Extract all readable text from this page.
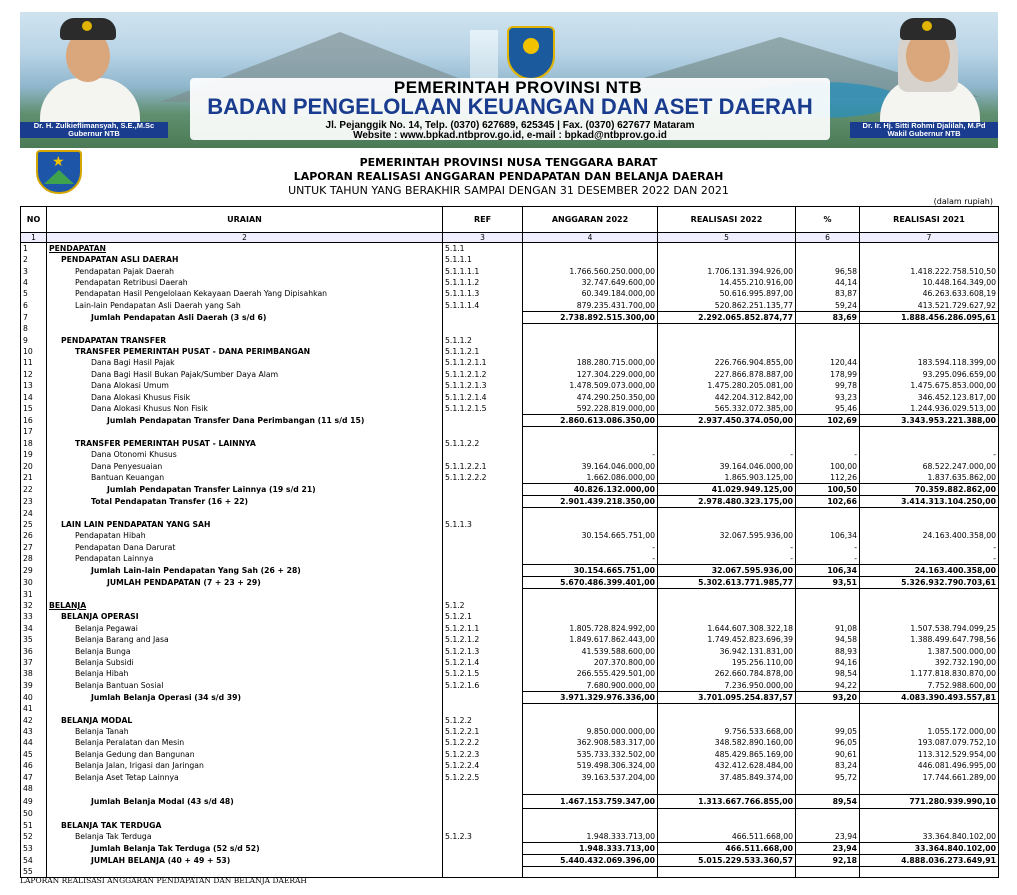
PEMERINTAH PROVINSI NTB
BADAN PENGELOLAAN KEUANGAN DAN ASET DAERAH
Jl. Pejanggik No. 14, Telp. (0370) 627689, 625345 | Fax. (0370) 627677 Mataram
Website : www.bpkad.ntbprov.go.id, e-mail : bpkad@ntbprov.go.id
Dr. H. Zulkieflimansyah, S.E.,M.Sc
Gubernur NTB
Dr. Ir. Hj. Sitti Rohmi Djalilah, M.Pd
Wakil Gubernur NTB
★	PEMERINTAH PROVINSI NUSA TENGGARA BARAT
LAPORAN REALISASI ANGGARAN PENDAPATAN DAN BELANJA DAERAH
UNTUK TAHUN YANG BERAKHIR SAMPAI DENGAN 31 DESEMBER 2022 DAN 2021
(dalam rupiah)
NO	URAIAN	REF	ANGGARAN 2022	REALISASI 2022	%	REALISASI 2021
1	2	3	4	5	6	7
1	PENDAPATAN	5.1.1				
2	PENDAPATAN ASLI DAERAH	5.1.1.1				
3	Pendapatan Pajak Daerah	5.1.1.1.1	1.766.560.250.000,00	1.706.131.394.926,00	96,58	1.418.222.758.510,50
4	Pendapatan Retribusi Daerah	5.1.1.1.2	32.747.649.600,00	14.455.210.916,00	44,14	10.448.164.349,00
5	Pendapatan Hasil Pengelolaan Kekayaan Daerah Yang Dipisahkan	5.1.1.1.3	60.349.184.000,00	50.616.995.897,00	83,87	46.263.633.608,19
6	Lain-lain Pendapatan Asli Daerah yang Sah	5.1.1.1.4	879.235.431.700,00	520.862.251.135,77	59,24	413.521.729.627,92
7	Jumlah Pendapatan Asli Daerah (3 s/d 6)		2.738.892.515.300,00	2.292.065.852.874,77	83,69	1.888.456.286.095,61
8						
9	PENDAPATAN TRANSFER	5.1.1.2				
10	TRANSFER PEMERINTAH PUSAT - DANA PERIMBANGAN	5.1.1.2.1				
11	Dana Bagi Hasil Pajak	5.1.1.2.1.1	188.280.715.000,00	226.766.904.855,00	120,44	183.594.118.399,00
12	Dana Bagi Hasil Bukan Pajak/Sumber Daya Alam	5.1.1.2.1.2	127.304.229.000,00	227.866.878.887,00	178,99	93.295.096.659,00
13	Dana Alokasi Umum	5.1.1.2.1.3	1.478.509.073.000,00	1.475.280.205.081,00	99,78	1.475.675.853.000,00
14	Dana Alokasi Khusus Fisik	5.1.1.2.1.4	474.290.250.350,00	442.204.312.842,00	93,23	346.452.123.817,00
15	Dana Alokasi Khusus Non Fisik	5.1.1.2.1.5	592.228.819.000,00	565.332.072.385,00	95,46	1.244.936.029.513,00
16	Jumlah Pendapatan Transfer Dana Perimbangan (11 s/d 15)		2.860.613.086.350,00	2.937.450.374.050,00	102,69	3.343.953.221.388,00
17						
18	TRANSFER PEMERINTAH PUSAT - LAINNYA	5.1.1.2.2				
19	Dana Otonomi Khusus		-	-	-	-
20	Dana Penyesuaian	5.1.1.2.2.1	39.164.046.000,00	39.164.046.000,00	100,00	68.522.247.000,00
21	Bantuan Keuangan	5.1.1.2.2.2	1.662.086.000,00	1.865.903.125,00	112,26	1.837.635.862,00
22	Jumlah Pendapatan Transfer Lainnya (19 s/d 21)		40.826.132.000,00	41.029.949.125,00	100,50	70.359.882.862,00
23	Total Pendapatan Transfer (16 + 22)		2.901.439.218.350,00	2.978.480.323.175,00	102,66	3.414.313.104.250,00
24						
25	LAIN LAIN PENDAPATAN YANG SAH	5.1.1.3				
26	Pendapatan Hibah		30.154.665.751,00	32.067.595.936,00	106,34	24.163.400.358,00
27	Pendapatan Dana Darurat		-	-	-	-
28	Pendapatan Lainnya		-	-	-	-
29	Jumlah Lain-lain Pendapatan Yang Sah (26 + 28)		30.154.665.751,00	32.067.595.936,00	106,34	24.163.400.358,00
30	JUMLAH PENDAPATAN (7 + 23 + 29)		5.670.486.399.401,00	5.302.613.771.985,77	93,51	5.326.932.790.703,61
31						
32	BELANJA	5.1.2				
33	BELANJA OPERASI	5.1.2.1				
34	Belanja Pegawai	5.1.2.1.1	1.805.728.824.992,00	1.644.607.308.322,18	91,08	1.507.538.794.099,25
35	Belanja Barang and Jasa	5.1.2.1.2	1.849.617.862.443,00	1.749.452.823.696,39	94,58	1.388.499.647.798,56
36	Belanja Bunga	5.1.2.1.3	41.539.588.600,00	36.942.131.831,00	88,93	1.387.500.000,00
37	Belanja Subsidi	5.1.2.1.4	207.370.800,00	195.256.110,00	94,16	392.732.190,00
38	Belanja Hibah	5.1.2.1.5	266.555.429.501,00	262.660.784.878,00	98,54	1.177.818.830.870,00
39	Belanja Bantuan Sosial	5.1.2.1.6	7.680.900.000,00	7.236.950.000,00	94,22	7.752.988.600,00
40	Jumlah Belanja Operasi (34 s/d 39)		3.971.329.976.336,00	3.701.095.254.837,57	93,20	4.083.390.493.557,81
41						
42	BELANJA MODAL	5.1.2.2				
43	Belanja Tanah	5.1.2.2.1	9.850.000.000,00	9.756.533.668,00	99,05	1.055.172.000,00
44	Belanja Peralatan dan Mesin	5.1.2.2.2	362.908.583.317,00	348.582.890.160,00	96,05	193.087.079.752,10
45	Belanja Gedung dan Bangunan	5.1.2.2.3	535.733.332.502,00	485.429.865.169,00	90,61	113.312.529.954,00
46	Belanja Jalan, Irigasi dan Jaringan	5.1.2.2.4	519.498.306.324,00	432.412.628.484,00	83,24	446.081.496.995,00
47	Belanja Aset Tetap Lainnya	5.1.2.2.5	39.163.537.204,00	37.485.849.374,00	95,72	17.744.661.289,00
48						
49	Jumlah Belanja Modal (43 s/d 48)		1.467.153.759.347,00	1.313.667.766.855,00	89,54	771.280.939.990,10
50						
51	BELANJA TAK TERDUGA					
52	Belanja Tak Terduga	5.1.2.3	1.948.333.713,00	466.511.668,00	23,94	33.364.840.102,00
53	Jumlah Belanja Tak Terduga (52 s/d 52)		1.948.333.713,00	466.511.668,00	23,94	33.364.840.102,00
54	JUMLAH BELANJA (40 + 49 + 53)		5.440.432.069.396,00	5.015.229.533.360,57	92,18	4.888.036.273.649,91
55						
LAPORAN REALISASI ANGGARAN PENDAPATAN DAN BELANJA DAERAH
